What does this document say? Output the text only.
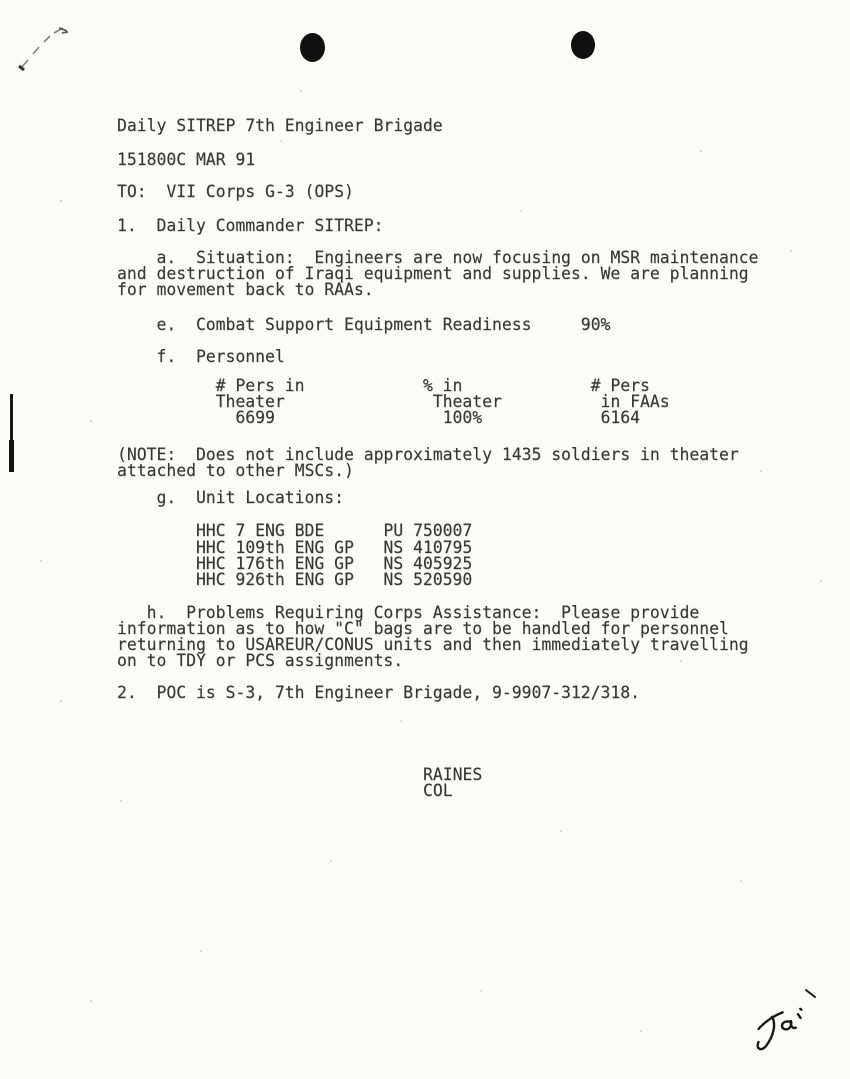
Daily SITREP 7th Engineer Brigade
151800C MAR 91
TO:  VII Corps G-3 (OPS)
1.  Daily Commander SITREP:
a.  Situation:  Engineers are now focusing on MSR maintenance
and destruction of Iraqi equipment and supplies. We are planning
for movement back to RAAs.
e.  Combat Support Equipment Readiness     90%
f.  Personnel
# Pers in            % in             # Pers
Theater               Theater          in FAAs
6699                 100%            6164
(NOTE:  Does not include approximately 1435 soldiers in theater
attached to other MSCs.)
g.  Unit Locations:
HHC 7 ENG BDE      PU 750007
HHC 109th ENG GP   NS 410795
HHC 176th ENG GP   NS 405925
HHC 926th ENG GP   NS 520590
h.  Problems Requiring Corps Assistance:  Please provide
information as to how "C" bags are to be handled for personnel
returning to USAREUR/CONUS units and then immediately travelling
on to TDY or PCS assignments.
2.  POC is S-3, 7th Engineer Brigade, 9-9907-312/318.
RAINES
COL
